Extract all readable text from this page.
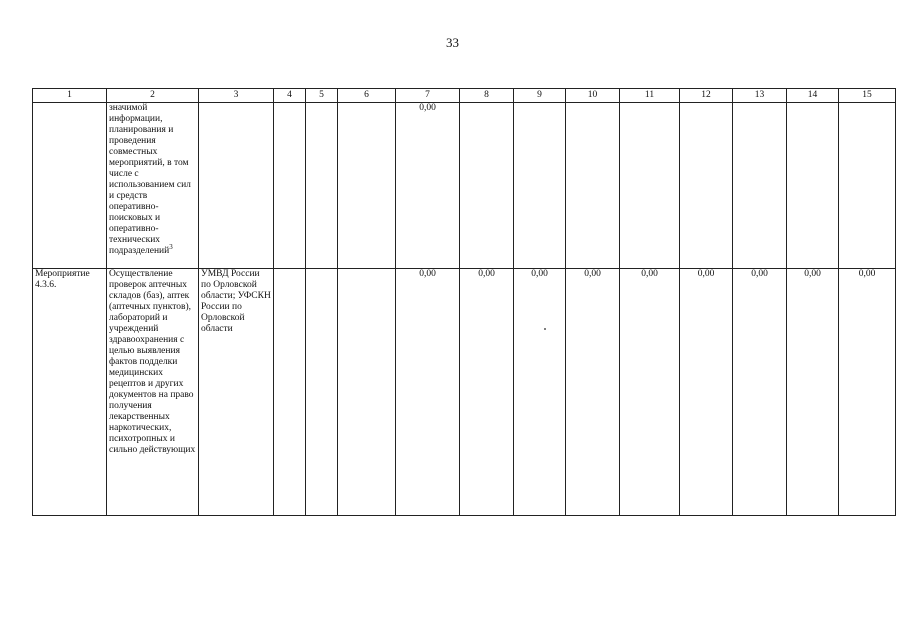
33
1	2	3	4	5	6	7	8	9	10	11	12	13	14	15
	значимой информации, планирования и проведения совместных мероприятий, в том числе с использованием сил и средств оперативно-поисковых и оперативно-технических подразделений$^3$					0,00								
Мероприятие 4.3.6.	Осуществление проверок аптечных складов (баз), аптек (аптечных пунктов), лабораторий и учреждений здравоохранения с целью выявления фактов подделки медицинских рецептов и других документов на право получения лекарственных наркотических, психотропных и сильно действующих	УМВД России по Орловской области; УФСКН России по Орловской области				0,00	0,00	0,00	0,00	0,00	0,00	0,00	0,00	0,00
